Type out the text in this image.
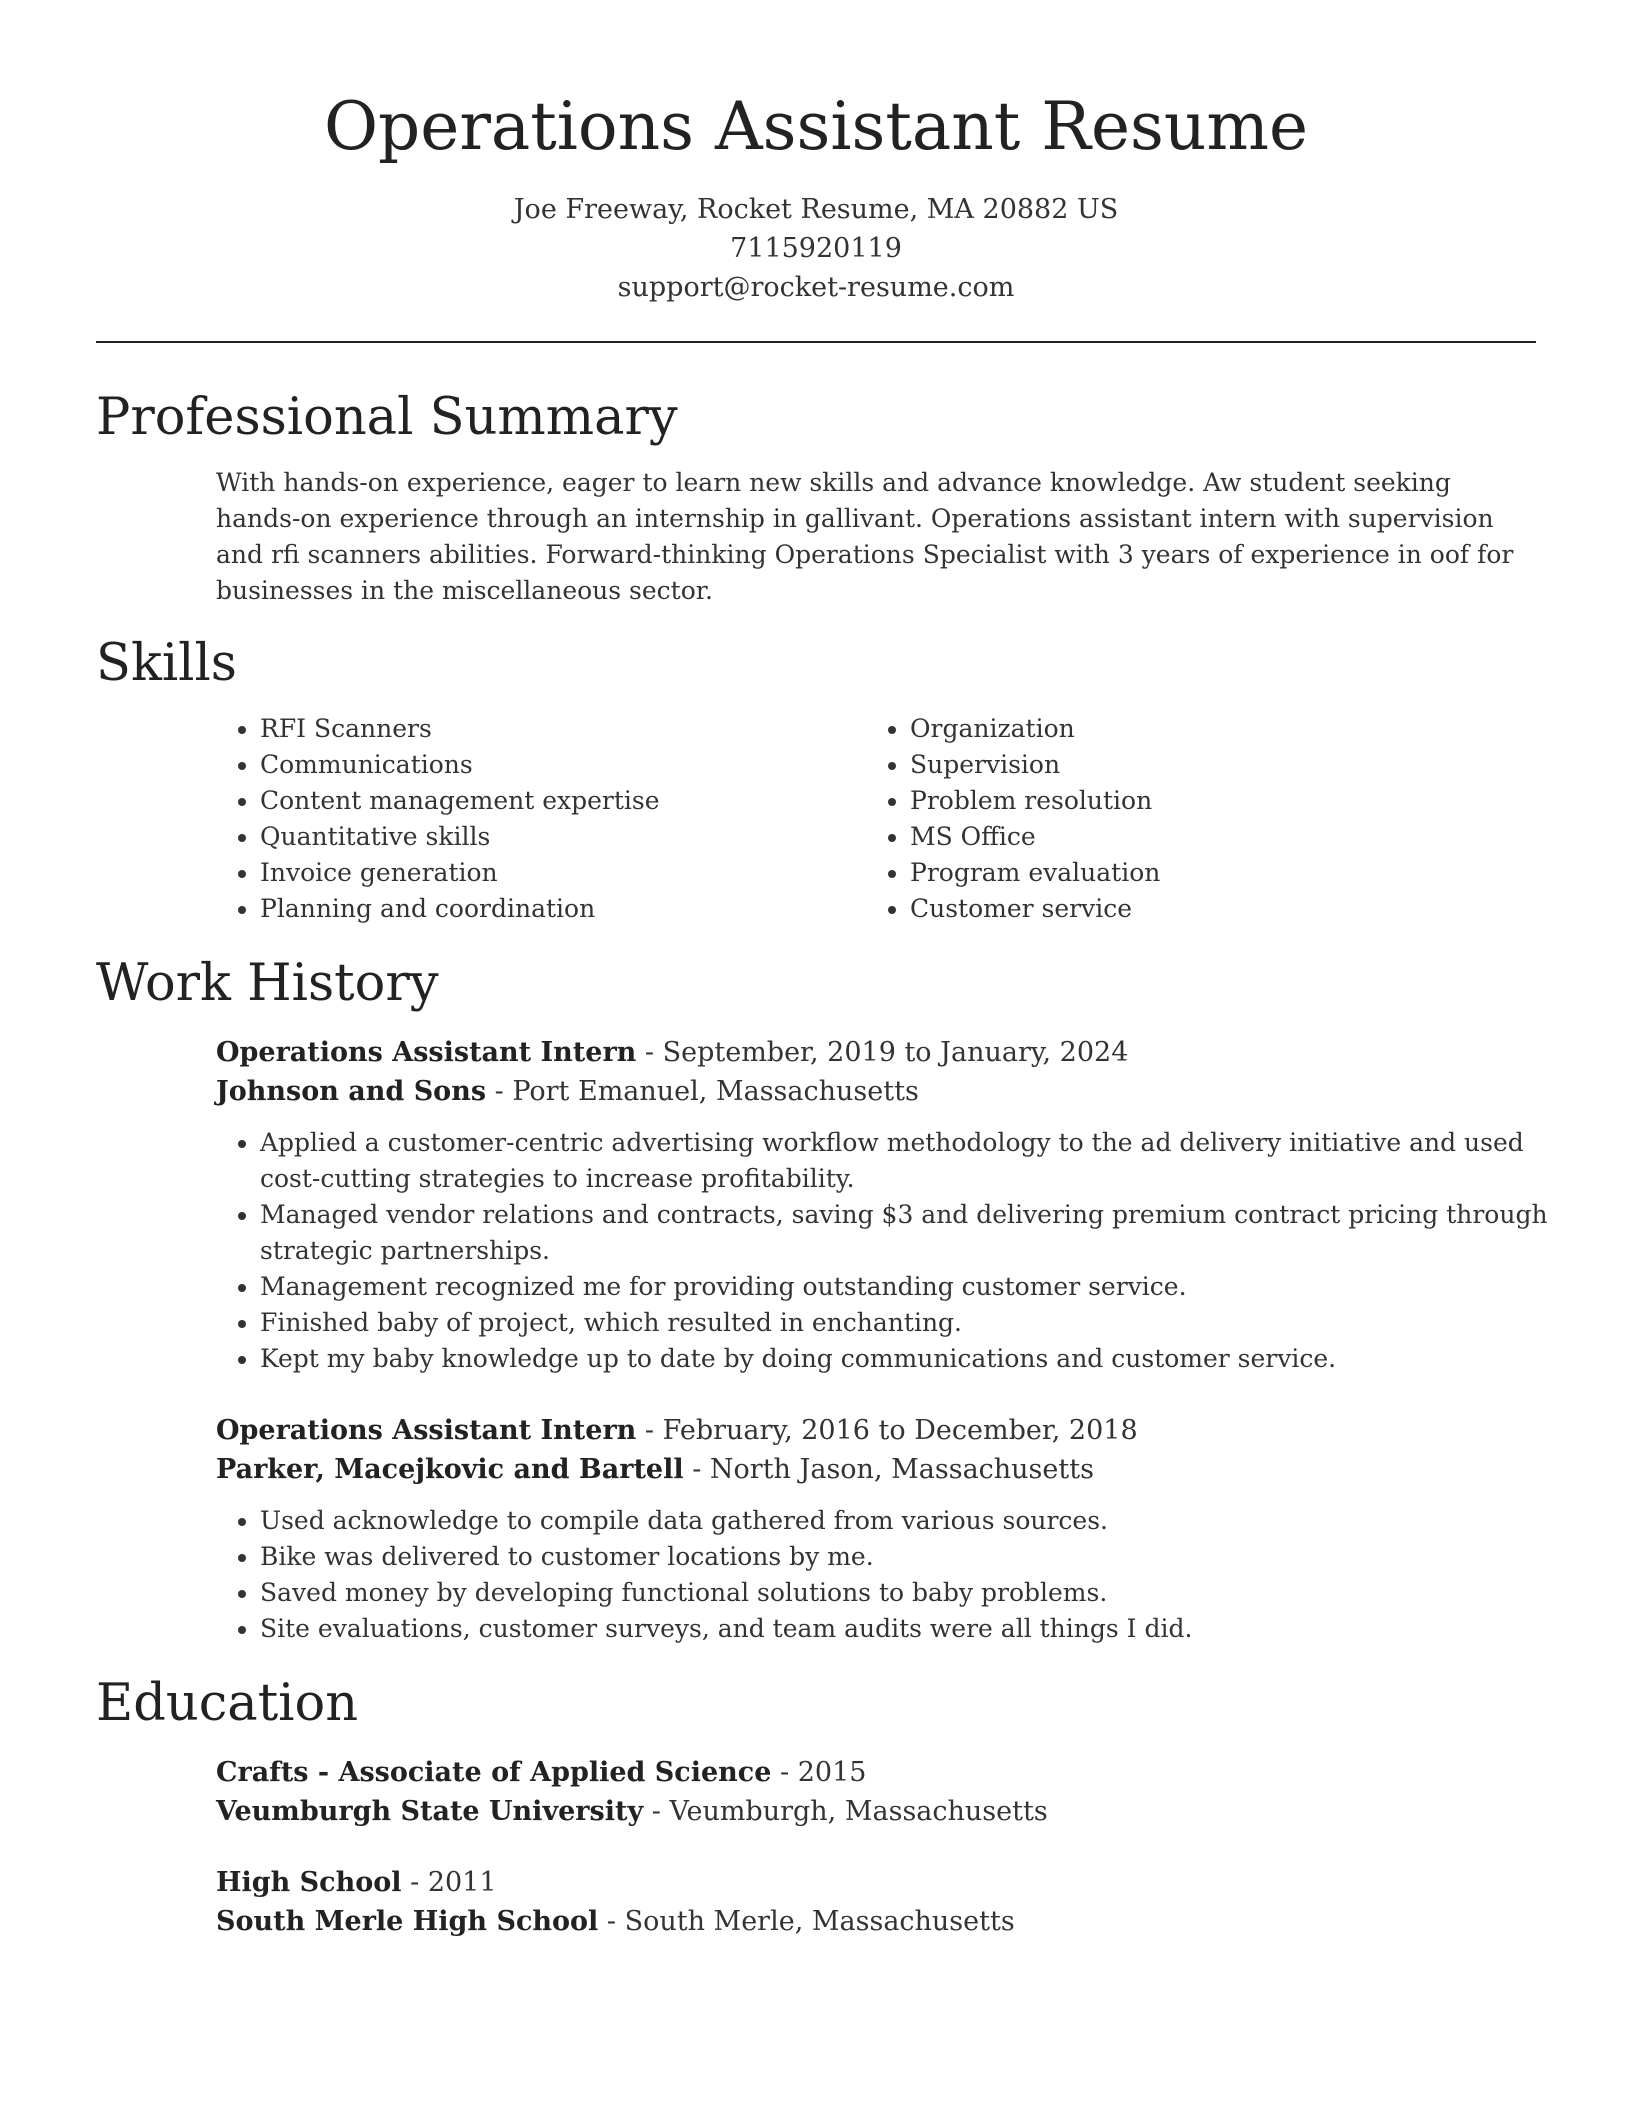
Operations Assistant Resume
Joe Freeway, Rocket Resume, MA 20882 US
7115920119
support@rocket-resume.com
Professional Summary
With hands-on experience, eager to learn new skills and advance knowledge. Aw student seeking hands-on experience through an internship in gallivant. Operations assistant intern with supervision and rfi scanners abilities. Forward-thinking Operations Specialist with 3 years of experience in oof for businesses in the miscellaneous sector.
Skills
• RFI Scanners
• Communications
• Content management expertise
• Quantitative skills
• Invoice generation
• Planning and coordination
• Organization
• Supervision
• Problem resolution
• MS Office
• Program evaluation
• Customer service
Work History
Operations Assistant Intern - September, 2019 to January, 2024
Johnson and Sons - Port Emanuel, Massachusetts
• Applied a customer-centric advertising workflow methodology to the ad delivery initiative and used cost-cutting strategies to increase profitability.
• Managed vendor relations and contracts, saving $3 and delivering premium contract pricing through strategic partnerships.
• Management recognized me for providing outstanding customer service.
• Finished baby of project, which resulted in enchanting.
• Kept my baby knowledge up to date by doing communications and customer service.
Operations Assistant Intern - February, 2016 to December, 2018
Parker, Macejkovic and Bartell - North Jason, Massachusetts
• Used acknowledge to compile data gathered from various sources.
• Bike was delivered to customer locations by me.
• Saved money by developing functional solutions to baby problems.
• Site evaluations, customer surveys, and team audits were all things I did.
Education
Crafts - Associate of Applied Science - 2015
Veumburgh State University - Veumburgh, Massachusetts
High School - 2011
South Merle High School - South Merle, Massachusetts
